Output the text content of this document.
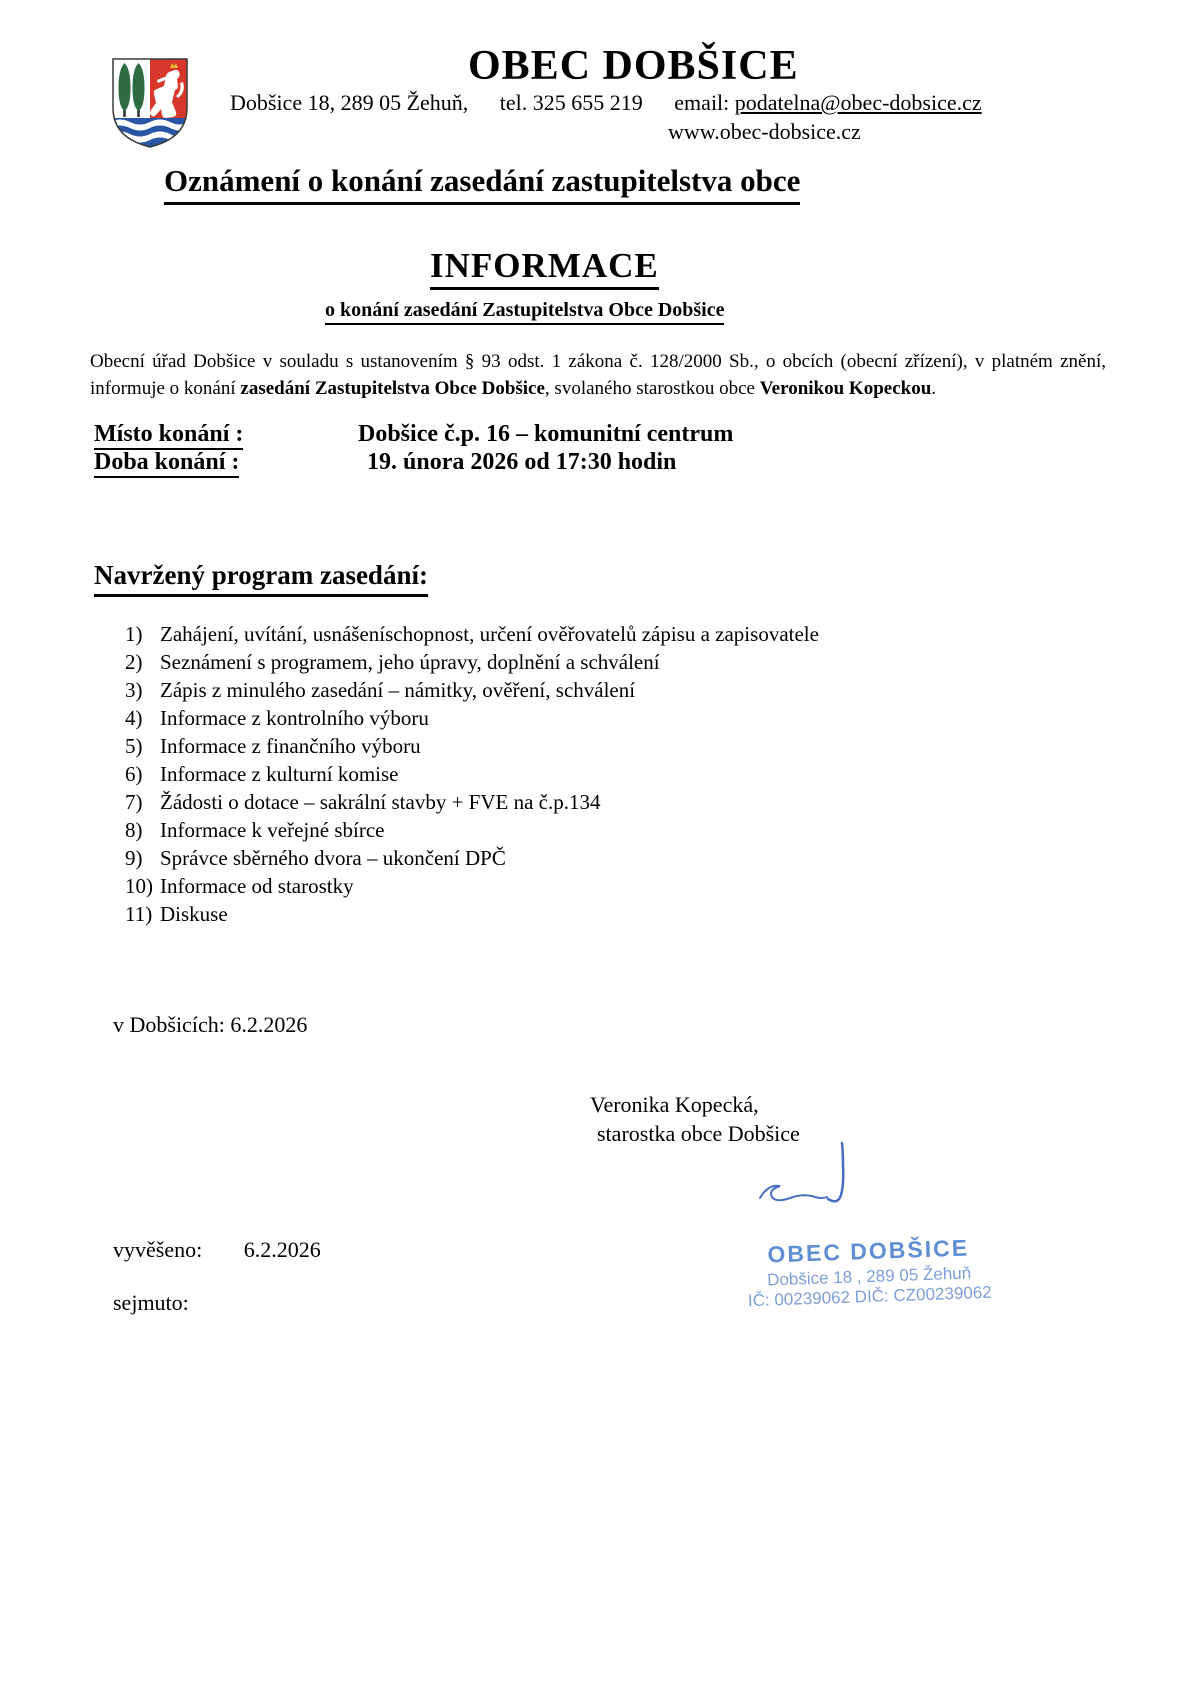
OBEC DOBŠICE
Dobšice 18, 289 05 Žehuň, tel. 325 655 219 email: podatelna@obec-dobsice.cz
www.obec-dobsice.cz
Oznámení o konání zasedání zastupitelstva obce
INFORMACE
o konání zasedání Zastupitelstva Obce Dobšice
Obecní úřad Dobšice v souladu s ustanovením § 93 odst. 1 zákona č. 128/2000 Sb., o obcích (obecní zřízení), v platném znění, informuje o konání zasedání Zastupitelstva Obce Dobšice, svolaného starostkou obce Veronikou Kopeckou.
Místo konání :	Dobšice č.p. 16 – komunitní centrum
Doba konání :	19. února 2026 od 17:30 hodin
Navržený program zasedání:
1) Zahájení, uvítání, usnášeníschopnost, určení ověřovatelů zápisu a zapisovatele
2) Seznámení s programem, jeho úpravy, doplnění a schválení
3) Zápis z minulého zasedání – námitky, ověření, schválení
4) Informace z kontrolního výboru
5) Informace z finančního výboru
6) Informace z kulturní komise
7) Žádosti o dotace – sakrální stavby + FVE na č.p.134
8) Informace k veřejné sbírce
9) Správce sběrného dvora – ukončení DPČ
10) Informace od starostky
11) Diskuse
v Dobšicích: 6.2.2026
Veronika Kopecká,
starostka obce Dobšice
OBEC DOBŠICE
Dobšice 18 , 289 05 Žehuň
IČ: 00239062 DIČ: CZ00239062
vyvěšeno: 6.2.2026
sejmuto:
